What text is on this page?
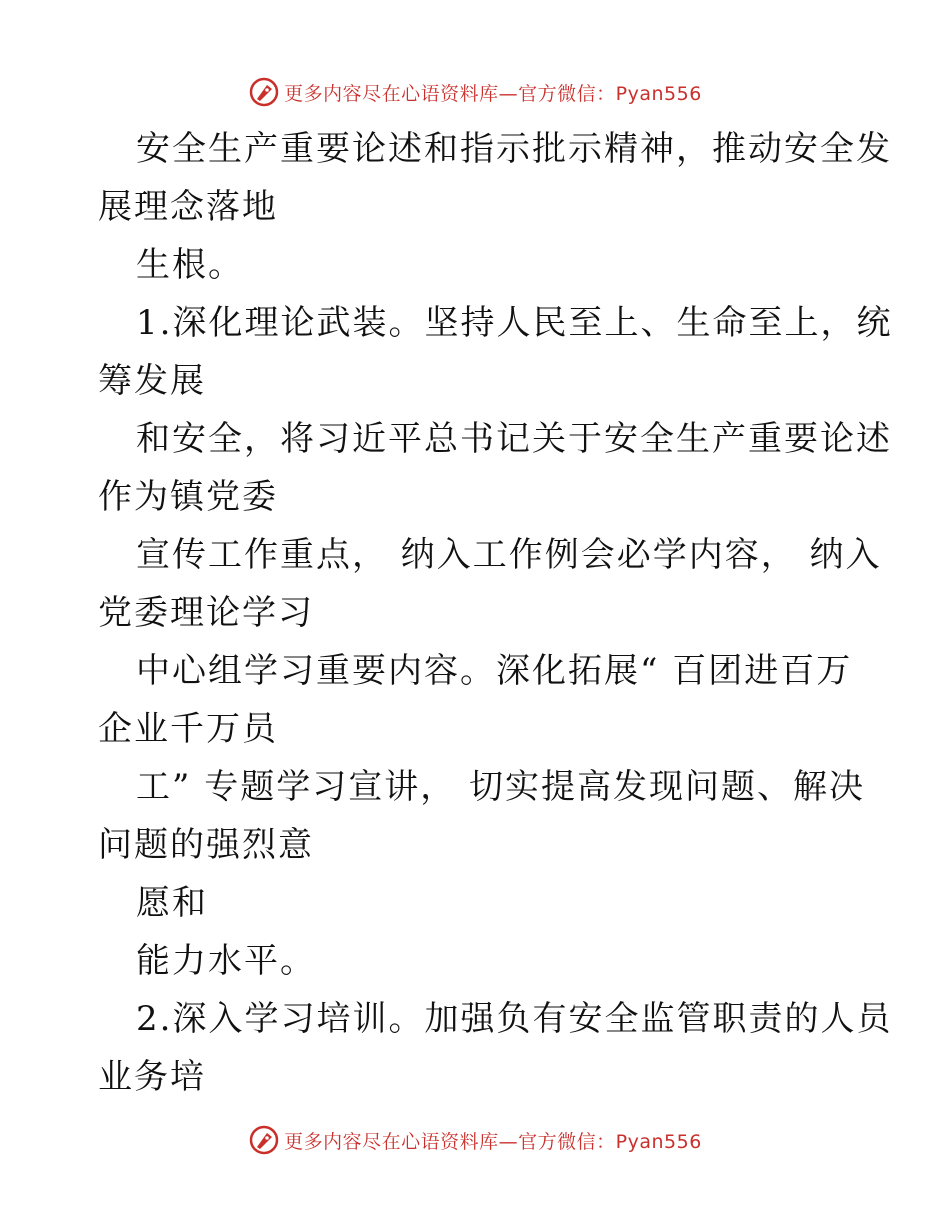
更多内容尽在心语资料库—官方微信：Pyan556
安全生产重要论述和指示批示精神，推动安全发
展理念落地
生根。
1.深化理论武装。坚持人民至上、生命至上，统
筹发展
和安全，将习近平总书记关于安全生产重要论述
作为镇党委
宣传工作重点， 纳入工作例会必学内容， 纳入
党委理论学习
中心组学习重要内容。深化拓展“ 百团进百万
企业千万员
工” 专题学习宣讲， 切实提高发现问题、解决
问题的强烈意
愿和
能力水平。
2.深入学习培训。加强负有安全监管职责的人员
业务培
更多内容尽在心语资料库—官方微信：Pyan556
